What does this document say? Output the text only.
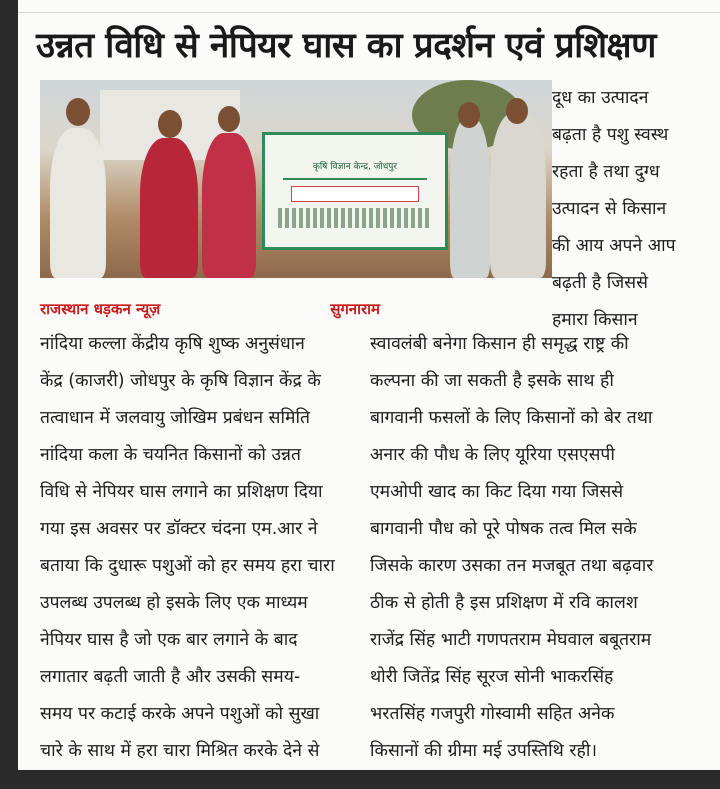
उन्नत विधि से नेपियर घास का प्रदर्शन एवं प्रशिक्षण
कृषि विज्ञान केन्द्र, जोधपुर
राजस्थान धड़कन न्यूज़	सुगनाराम
दूध का उत्पादन
बढ़ता है पशु स्वस्थ
रहता है तथा दुग्ध
उत्पादन से किसान
की आय अपने आप
बढ़ती है जिससे
हमारा किसान
नांदिया कल्ला केंद्रीय कृषि शुष्क अनुसंधान
केंद्र (काजरी) जोधपुर के कृषि विज्ञान केंद्र के
तत्वाधान में जलवायु जोखिम प्रबंधन समिति
नांदिया कला के चयनित किसानों को उन्नत
विधि से नेपियर घास लगाने का प्रशिक्षण दिया
गया इस अवसर पर डॉक्टर चंदना एम.आर ने
बताया कि दुधारू पशुओं को हर समय हरा चारा
उपलब्ध उपलब्ध हो इसके लिए एक माध्यम
नेपियर घास है जो एक बार लगाने के बाद
लगातार बढ़ती जाती है और उसकी समय-
समय पर कटाई करके अपने पशुओं को सुखा
चारे के साथ में हरा चारा मिश्रित करके देने से
स्वावलंबी बनेगा किसान ही समृद्ध राष्ट्र की
कल्पना की जा सकती है इसके साथ ही
बागवानी फसलों के लिए किसानों को बेर तथा
अनार की पौध के लिए यूरिया एसएसपी
एमओपी खाद का किट दिया गया जिससे
बागवानी पौध को पूरे पोषक तत्व मिल सके
जिसके कारण उसका तन मजबूत तथा बढ़वार
ठीक से होती है इस प्रशिक्षण में रवि कालश
राजेंद्र सिंह भाटी गणपतराम मेघवाल बबूतराम
थोरी जितेंद्र सिंह सूरज सोनी भाकरसिंह
भरतसिंह गजपुरी गोस्वामी सहित अनेक
किसानों की ग्रीमा मई उपस्तिथि रही।
